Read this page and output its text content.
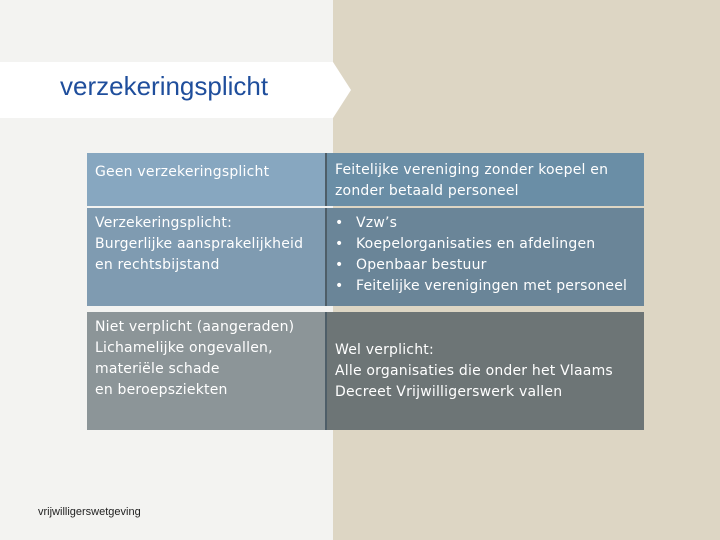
verzekeringsplicht
Geen verzekeringsplicht	Feitelijke vereniging zonder koepel en
zonder betaald personeel
Verzekeringsplicht:
Burgerlijke aansprakelijkheid
en rechtsbijstand
• Vzw’s
• Koepelorganisaties en afdelingen
• Openbaar bestuur
• Feitelijke verenigingen met personeel
Niet verplicht (aangeraden)
Lichamelijke ongevallen,
materiële schade
en beroepsziekten
Wel verplicht:
Alle organisaties die onder het Vlaams
Decreet Vrijwilligerswerk vallen
vrijwilligerswetgeving
